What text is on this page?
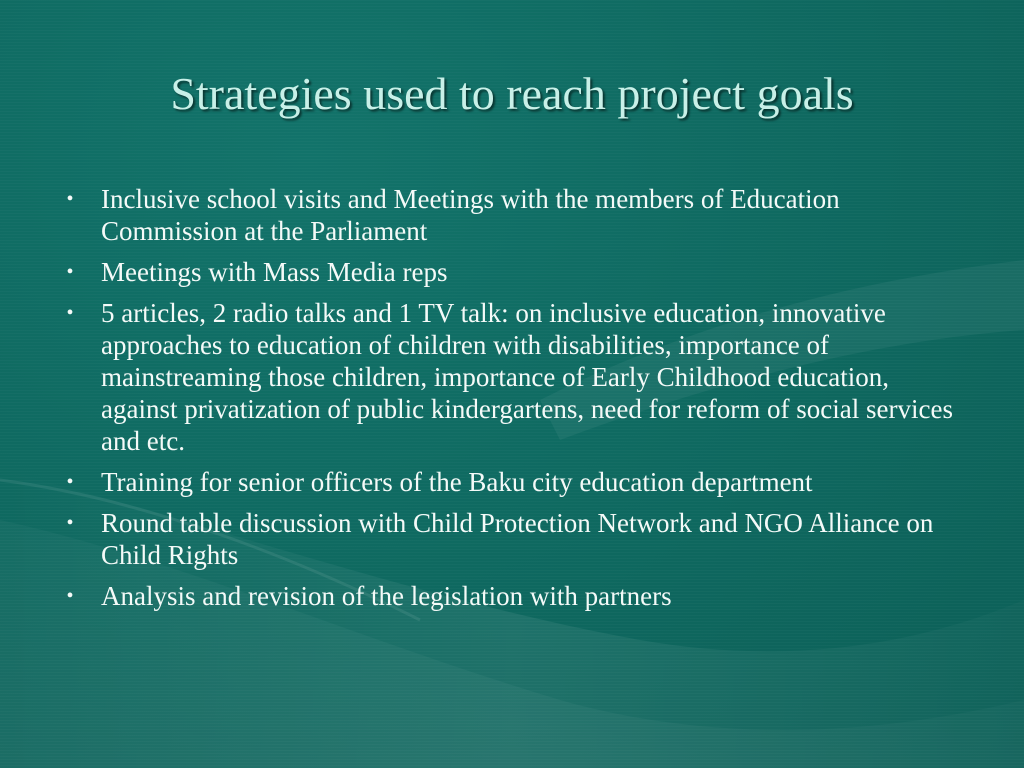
Strategies used to reach project goals
• Inclusive school visits and Meetings with the members of Education Commission at the Parliament
• Meetings with Mass Media reps
• 5 articles, 2 radio talks and 1 TV talk: on inclusive education, innovative approaches to education of children with disabilities, importance of mainstreaming those children, importance of Early Childhood education, against privatization of public kindergartens, need for reform of social services and etc.
• Training for senior officers of the Baku city education department
• Round table discussion with Child Protection Network and NGO Alliance on Child Rights
• Analysis and revision of the legislation with partners
